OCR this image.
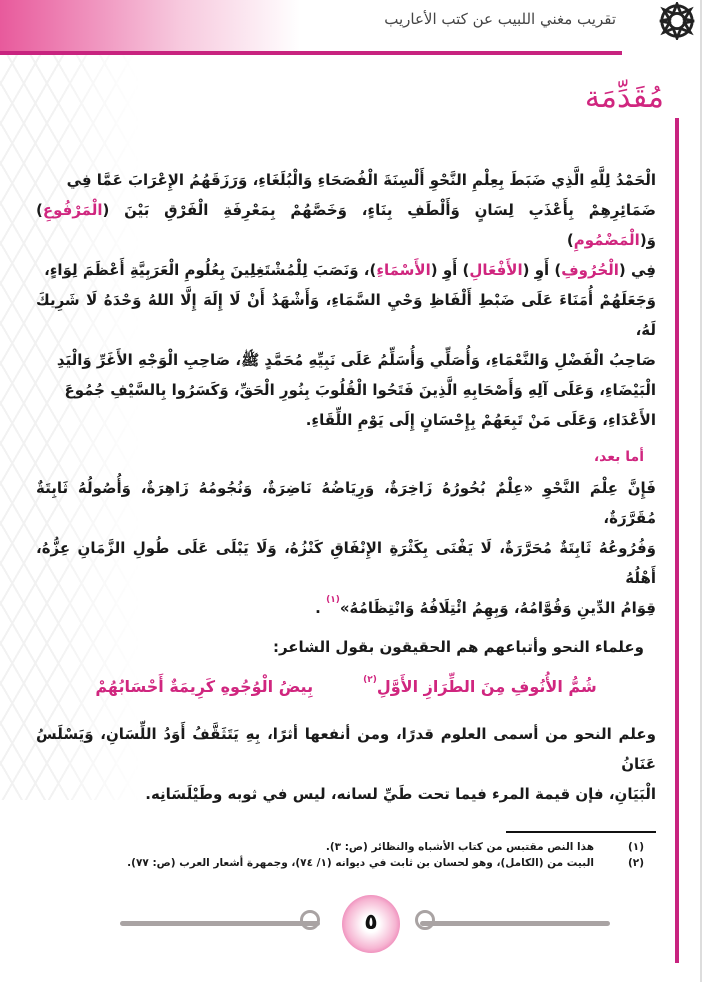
تقريب مغني اللبيب عن كتب الأعاريب
مُقَدِّمَة
الْحَمْدُ لِلَّهِ الَّذِي ضَبَطَ بِعِلْمِ النَّحْوِ أَلْسِنَةَ الْفُصَحَاءِ وَالْبُلَغَاءِ، وَرَزَقَهُمُ الإِعْرَابَ عَمَّا فِي
ضَمَائِرِهِمْ بِأَعْذَبِ لِسَانٍ وَأَلْطَفِ بِنَاءٍ، وَخَصَّهُمْ بِمَعْرِفَةِ الْفَرْقِ بَيْنَ (الْمَرْفُوعِ) وَ(الْمَضْمُومِ)
فِي (الْحُرُوفِ) أَوِ (الأَفْعَالِ) أَوِ (الأَسْمَاءِ)، وَنَصَبَ لِلْمُشْتَغِلِينَ بِعُلُومِ الْعَرَبِيَّةِ أَعْظَمَ لِوَاءٍ،
وَجَعَلَهُمْ أُمَنَاءَ عَلَى ضَبْطِ أَلْفَاظِ وَحْيِ السَّمَاءِ، وَأَشْهَدُ أَنْ لَا إِلَهَ إِلَّا اللهُ وَحْدَهُ لَا شَرِيكَ لَهُ،
صَاحِبُ الْفَضْلِ وَالنَّعْمَاءِ، وَأُصَلِّي وَأُسَلِّمُ عَلَى نَبِيِّهِ مُحَمَّدٍ ﷺ، صَاحِبِ الْوَجْهِ الأَغَرِّ وَالْيَدِ
الْبَيْضَاءِ، وَعَلَى آلِهِ وَأَصْحَابِهِ الَّذِينَ فَتَحُوا الْقُلُوبَ بِنُورِ الْحَقِّ، وَكَسَرُوا بِالسَّيْفِ جُمُوعَ
الأَعْدَاءِ، وَعَلَى مَنْ تَبِعَهُمْ بِإِحْسَانٍ إِلَى يَوْمِ اللِّقَاءِ.
أما بعد،
فَإِنَّ عِلْمَ النَّحْوِ «عِلْمٌ بُحُورُهُ زَاخِرَةٌ، وَرِيَاضُهُ نَاضِرَةٌ، وَنُجُومُهُ زَاهِرَةٌ، وَأُصُولُهُ ثَابِتَةٌ مُقَرَّرَةٌ،
وَفُرُوعُهُ ثَابِتَةٌ مُحَرَّرَةٌ، لَا يَفْنَى بِكَثْرَةِ الإِنْفَاقِ كَنْزُهُ، وَلَا يَبْلَى عَلَى طُولِ الزَّمَانِ عِزُّهُ، أَهْلُهُ
قِوَامُ الدِّينِ وَقُوَّامُهُ، وَبِهِمُ ائْتِلَافُهُ وَانْتِظَامُهُ»$^{(١)}$ .
وعلماء النحو وأتباعهم هم الحقيقون بقول الشاعر:
شُمُّ الأُنُوفِ مِنَ الطِّرَازِ الأَوَّلِ$^{(٢)}$
بِيضُ الْوُجُوهِ كَرِيمَةٌ أَحْسَابُهُمْ
وعلم النحو من أسمى العلوم قدرًا، ومن أنفعها أثرًا، بِهِ يَتَثَقَّفُ أَوَدُ اللِّسَانِ، وَيَسْلَسُ عَنَانُ
الْبَيَانِ، فإن قيمة المرء فيما تحت طَيِّ لسانه، ليس في ثوبه وطَيْلَسَانِه.
(١)هذا النص مقتبس من كتاب الأشباه والنظائر (ص: ٣).
(٢)البيت من (الكامل)، وهو لحسان بن ثابت في ديوانه (١/ ٧٤)، وجمهرة أشعار العرب (ص: ٧٧).
٥
